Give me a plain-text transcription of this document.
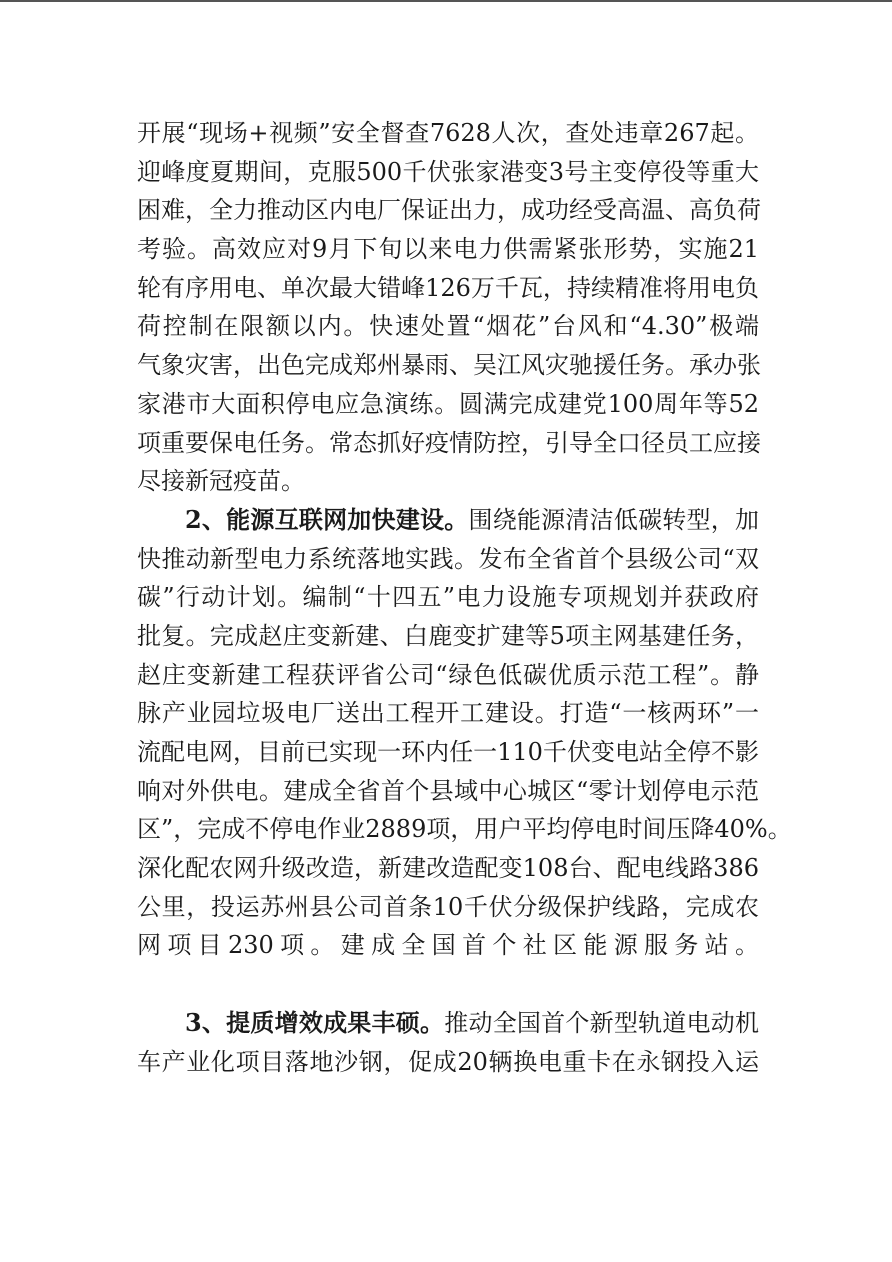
开展“现场+视频”安全督查7628人次，查处违章267起。
迎峰度夏期间，克服500千伏张家港变3号主变停役等重大
困难，全力推动区内电厂保证出力，成功经受高温、高负荷
考验。高效应对9月下旬以来电力供需紧张形势，实施21
轮有序用电、单次最大错峰126万千瓦，持续精准将用电负
荷控制在限额以内。快速处置“烟花”台风和“4.30”极端
气象灾害，出色完成郑州暴雨、吴江风灾驰援任务。承办张
家港市大面积停电应急演练。圆满完成建党100周年等52
项重要保电任务。常态抓好疫情防控，引导全口径员工应接
尽接新冠疫苗。
2、能源互联网加快建设。围绕能源清洁低碳转型，加
快推动新型电力系统落地实践。发布全省首个县级公司“双
碳”行动计划。编制“十四五”电力设施专项规划并获政府
批复。完成赵庄变新建、白鹿变扩建等5项主网基建任务，
赵庄变新建工程获评省公司“绿色低碳优质示范工程”。静
脉产业园垃圾电厂送出工程开工建设。打造“一核两环”一
流配电网，目前已实现一环内任一110千伏变电站全停不影
响对外供电。建成全省首个县域中心城区“零计划停电示范
区”，完成不停电作业2889项，用户平均停电时间压降40%。
深化配农网升级改造，新建改造配变108台、配电线路386
公里，投运苏州县公司首条10千伏分级保护线路，完成农
网项目230项。建成全国首个社区能源服务站。
3、提质增效成果丰硕。推动全国首个新型轨道电动机
车产业化项目落地沙钢，促成20辆换电重卡在永钢投入运
